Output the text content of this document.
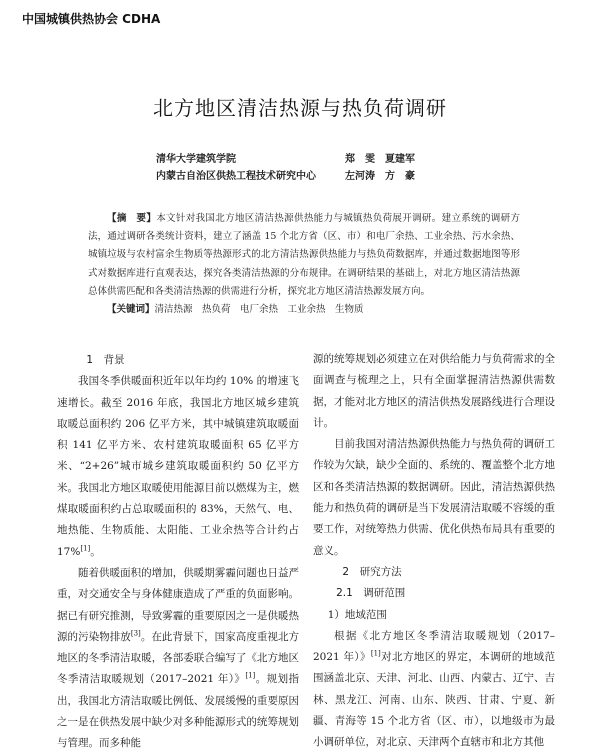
中国城镇供热协会 CDHA
北方地区清洁热源与热负荷调研
清华大学建筑学院	郑　雯　夏建军
内蒙古自治区供热工程技术研究中心	左河涛　方　豪

【摘　要】本文针对我国北方地区清洁热源供热能力与城镇热负荷展开调研。建立系统的调研方法，通过调研各类统计资料，建立了涵盖 15 个北方省（区、市）和电厂余热、工业余热、污水余热、城镇垃圾与农村富余生物质等热源形式的北方清洁热源供热能力与热负荷数据库，并通过数据地图等形式对数据库进行直观表达，探究各类清洁热源的分布规律。在调研结果的基础上，对北方地区清洁热源总体供需匹配和各类清洁热源的供需进行分析，探究北方地区清洁热源发展方向。

【关键词】清洁热源　热负荷　电厂余热　工业余热　生物质

1　背景

我国冬季供暖面积近年以年均约 10% 的增速飞速增长。截至 2016 年底，我国北方地区城乡建筑取暖总面积约 206 亿平方米，其中城镇建筑取暖面积 141 亿平方米、农村建筑取暖面积 65 亿平方米、“2+26”城市城乡建筑取暖面积约 50 亿平方米。我国北方地区取暖使用能源目前以燃煤为主，燃煤取暖面积约占总取暖面积的 83%，天然气、电、地热能、生物质能、太阳能、工业余热等合计约占 17%[1]。

随着供暖面积的增加，供暖期雾霾问题也日益严重，对交通安全与身体健康造成了严重的负面影响。据已有研究推测，导致雾霾的重要原因之一是供暖热源的污染物排放[3]。在此背景下，国家高度重视北方地区的冬季清洁取暖，各部委联合编写了《北方地区冬季清洁取暖规划（2017–2021 年）》[1]。规划指出，我国北方清洁取暖比例低、发展缓慢的重要原因之一是在供热发展中缺少对多种能源形式的统筹规划与管理。而多种能

源的统筹规划必须建立在对供给能力与负荷需求的全面调查与梳理之上，只有全面掌握清洁热源供需数据，才能对北方地区的清洁供热发展路线进行合理设计。

目前我国对清洁热源供热能力与热负荷的调研工作较为欠缺，缺少全面的、系统的、覆盖整个北方地区和各类清洁热源的数据调研。因此，清洁热源供热能力和热负荷的调研是当下发展清洁取暖不容缓的重要工作，对统筹热力供需、优化供热布局具有重要的意义。

2　研究方法

2.1　调研范围

1）地域范围

根据《北方地区冬季清洁取暖规划（2017–2021 年）》[1]对北方地区的界定，本调研的地域范围涵盖北京、天津、河北、山西、内蒙古、辽宁、吉林、黑龙江、河南、山东、陕西、甘肃、宁夏、新疆、青海等 15 个北方省（区、市），以地级市为最小调研单位，对北京、天津两个直辖市和北方其他
